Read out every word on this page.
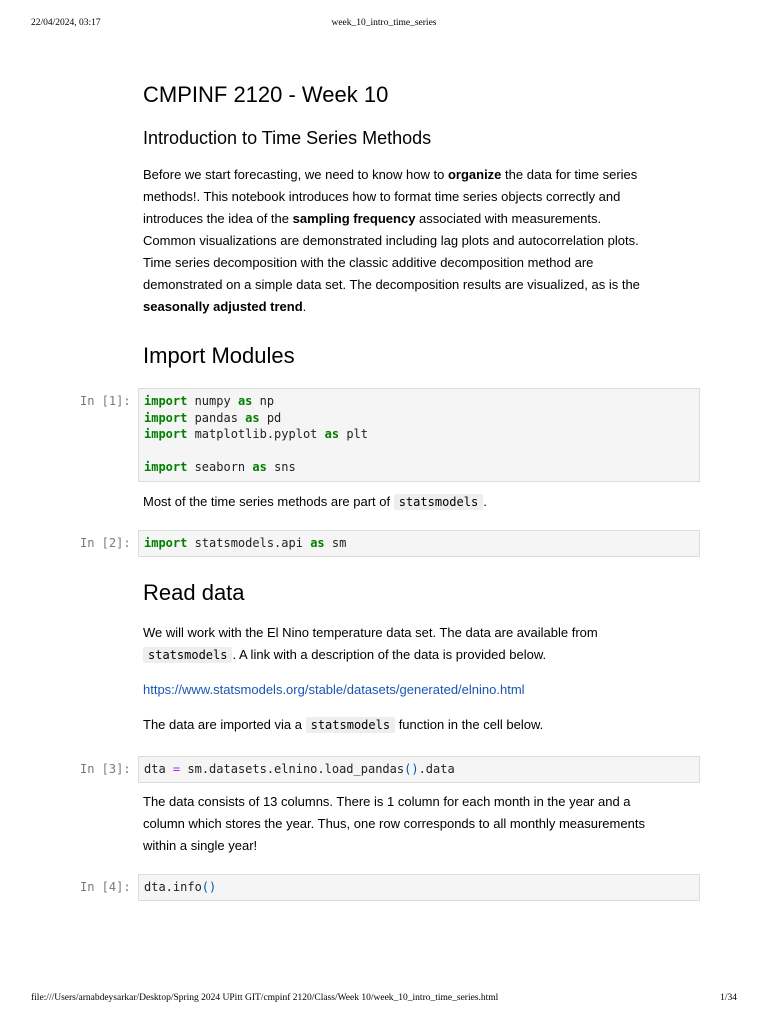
22/04/2024, 03:17	week_10_intro_time_series
CMPINF 2120 - Week 10
Introduction to Time Series Methods

Before we start forecasting, we need to know how to organize the data for time series
methods!. This notebook introduces how to format time series objects correctly and
introduces the idea of the sampling frequency associated with measurements.
Common visualizations are demonstrated including lag plots and autocorrelation plots.
Time series decomposition with the classic additive decomposition method are
demonstrated on a simple data set. The decomposition results are visualized, as is the
seasonally adjusted trend.

Import Modules
In [1]: import numpy as np
import pandas as pd
import matplotlib.pyplot as plt
import seaborn as sns

Most of the time series methods are part of statsmodels .

In [2]: import statsmodels.api as sm
Read data

We will work with the El Nino temperature data set. The data are available from
statsmodels . A link with a description of the data is provided below.

https://www.statsmodels.org/stable/datasets/generated/elnino.html

The data are imported via a statsmodels function in the cell below.

In [3]: dta = sm.datasets.elnino.load_pandas().data

The data consists of 13 columns. There is 1 column for each month in the year and a
column which stores the year. Thus, one row corresponds to all monthly measurements
within a single year!

In [4]: dta.info()
file:///Users/arnabdeysarkar/Desktop/Spring 2024 UPitt GIT/cmpinf 2120/Class/Week 10/week_10_intro_time_series.html	1/34
